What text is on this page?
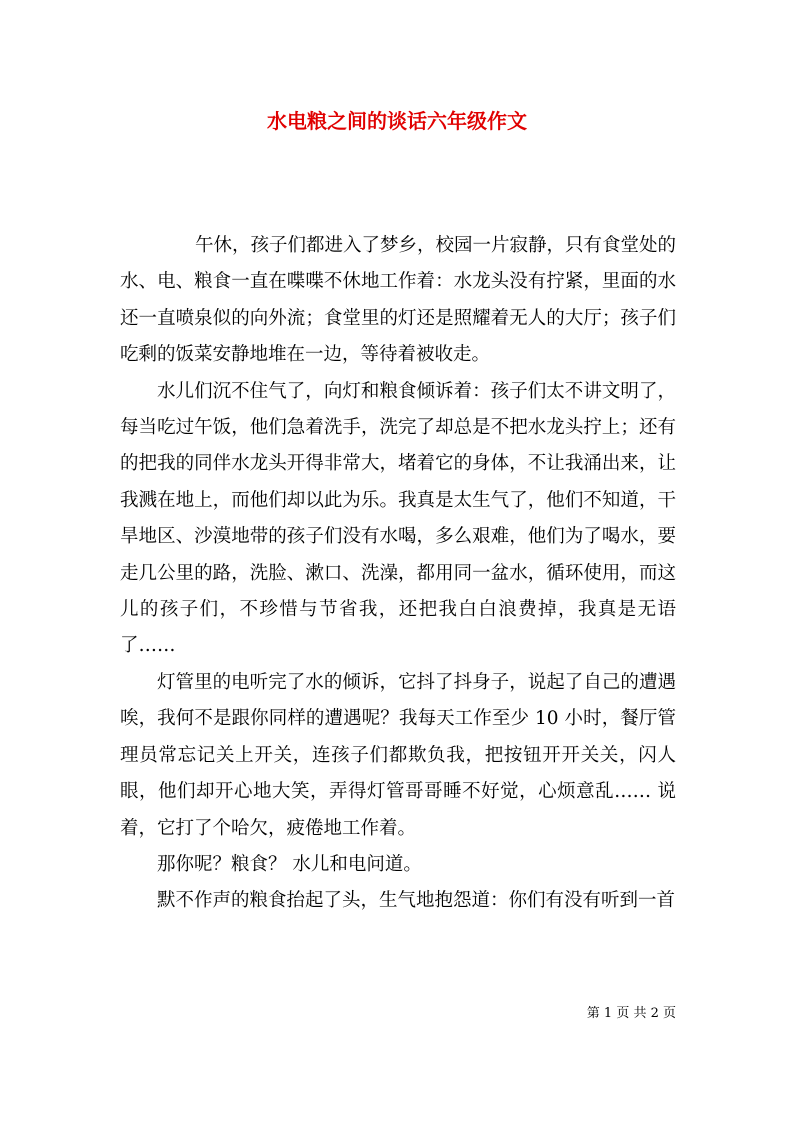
水电粮之间的谈话六年级作文

午休，孩子们都进入了梦乡，校园一片寂静，只有食堂处的水、电、粮食一直在喋喋不休地工作着：水龙头没有拧紧，里面的水还一直喷泉似的向外流；食堂里的灯还是照耀着无人的大厅；孩子们吃剩的饭菜安静地堆在一边，等待着被收走。

水儿们沉不住气了，向灯和粮食倾诉着：孩子们太不讲文明了，每当吃过午饭，他们急着洗手，洗完了却总是不把水龙头拧上；还有的把我的同伴水龙头开得非常大，堵着它的身体，不让我涌出来，让我溅在地上，而他们却以此为乐。我真是太生气了，他们不知道，干旱地区、沙漠地带的孩子们没有水喝，多么艰难，他们为了喝水，要走几公里的路，洗脸、漱口、洗澡，都用同一盆水，循环使用，而这儿的孩子们，不珍惜与节省我，还把我白白浪费掉，我真是无语了……

灯管里的电听完了水的倾诉，它抖了抖身子，说起了自己的遭遇唉，我何不是跟你同样的遭遇呢？我每天工作至少 10 小时，餐厅管理员常忘记关上开关，连孩子们都欺负我，把按钮开开关关，闪人眼，他们却开心地大笑，弄得灯管哥哥睡不好觉，心烦意乱…… 说着，它打了个哈欠，疲倦地工作着。

那你呢？粮食？ 水儿和电问道。

默不作声的粮食抬起了头，生气地抱怨道：你们有没有听到一首

第 1 页 共 2 页
